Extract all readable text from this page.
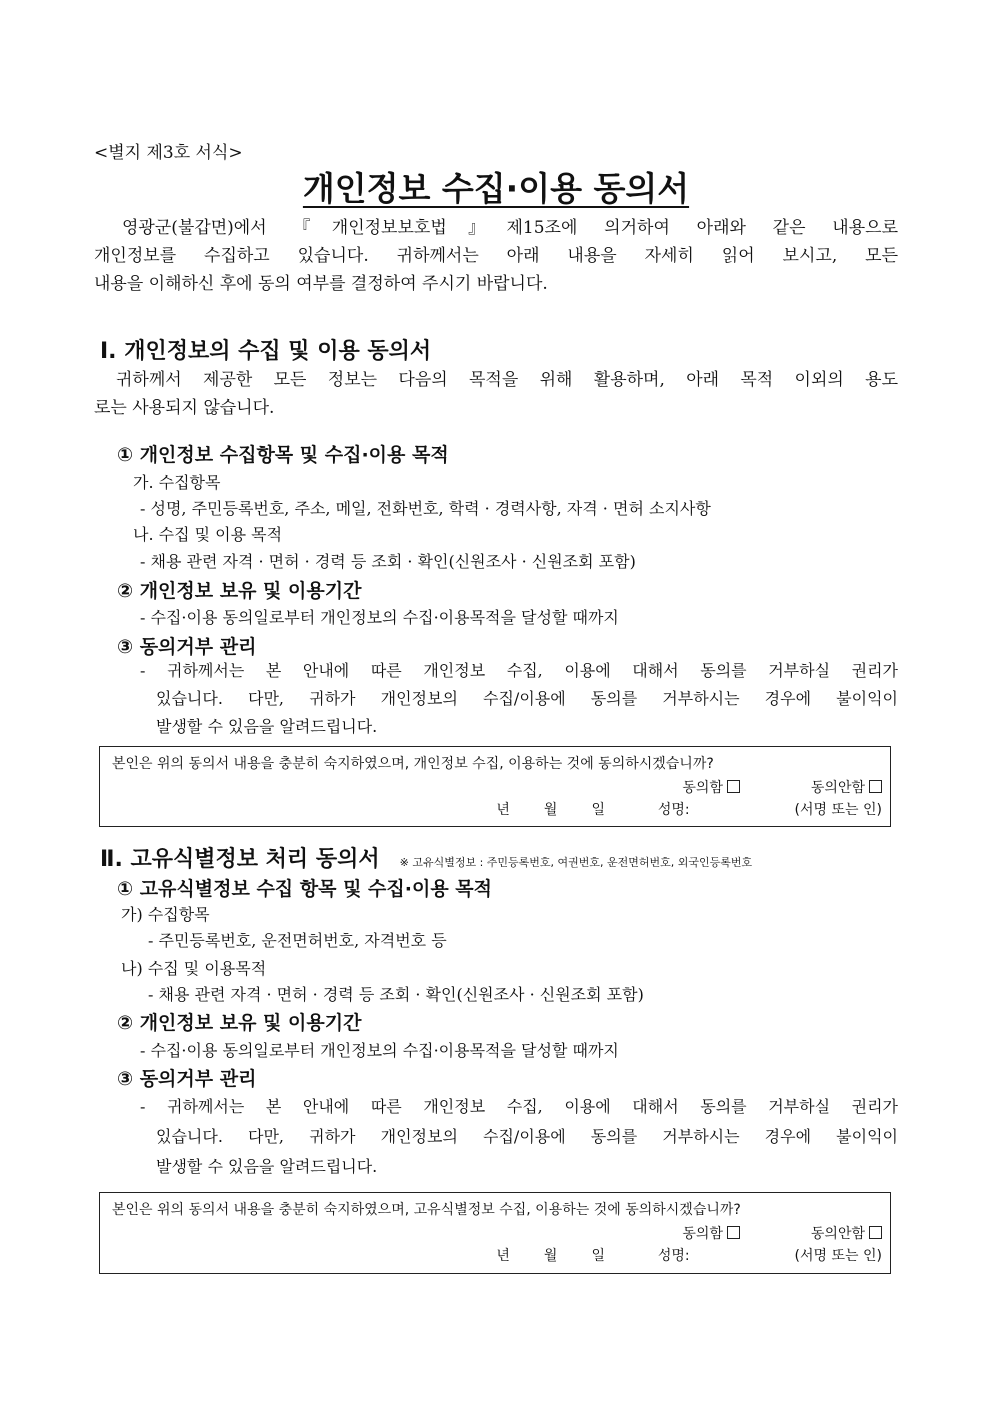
<별지 제3호 서식>
개인정보 수집·이용 동의서
영광군(불갑면)에서 『개인정보보호법』제15조에 의거하여 아래와 같은 내용으로
개인정보를 수집하고 있습니다. 귀하께서는 아래 내용을 자세히 읽어 보시고, 모든
내용을 이해하신 후에 동의 여부를 결정하여 주시기 바랍니다.
Ⅰ. 개인정보의 수집 및 이용 동의서
귀하께서 제공한 모든 정보는 다음의 목적을 위해 활용하며, 아래 목적 이외의 용도
로는 사용되지 않습니다.
① 개인정보 수집항목 및 수집·이용 목적
가. 수집항목
- 성명, 주민등록번호, 주소, 메일, 전화번호, 학력 · 경력사항, 자격 · 면허 소지사항
나. 수집 및 이용 목적
- 채용 관련 자격 · 면허 · 경력 등 조회 · 확인(신원조사 · 신원조회 포함)
② 개인정보 보유 및 이용기간
- 수집·이용 동의일로부터 개인정보의 수집·이용목적을 달성할 때까지
③ 동의거부 관리
- 귀하께서는 본 안내에 따른 개인정보 수집, 이용에 대해서 동의를 거부하실 권리가
있습니다. 다만, 귀하가 개인정보의 수집/이용에 동의를 거부하시는 경우에 불이익이
발생할 수 있음을 알려드립니다.
본인은 위의 동의서 내용을 충분히 숙지하였으며, 개인정보 수집, 이용하는 것에 동의하시겠습니까?
동의함	동의안함
년 월 일	성명:	(서명 또는 인)
Ⅱ. 고유식별정보 처리 동의서 ※ 고유식별정보 : 주민등록번호, 여권번호, 운전면허번호, 외국인등록번호
① 고유식별정보 수집 항목 및 수집·이용 목적
가) 수집항목
- 주민등록번호, 운전면허번호, 자격번호 등
나) 수집 및 이용목적
- 채용 관련 자격 · 면허 · 경력 등 조회 · 확인(신원조사 · 신원조회 포함)
② 개인정보 보유 및 이용기간
- 수집·이용 동의일로부터 개인정보의 수집·이용목적을 달성할 때까지
③ 동의거부 관리
- 귀하께서는 본 안내에 따른 개인정보 수집, 이용에 대해서 동의를 거부하실 권리가
있습니다. 다만, 귀하가 개인정보의 수집/이용에 동의를 거부하시는 경우에 불이익이
발생할 수 있음을 알려드립니다.
본인은 위의 동의서 내용을 충분히 숙지하였으며, 고유식별정보 수집, 이용하는 것에 동의하시겠습니까?
동의함	동의안함
년 월 일	성명:	(서명 또는 인)
